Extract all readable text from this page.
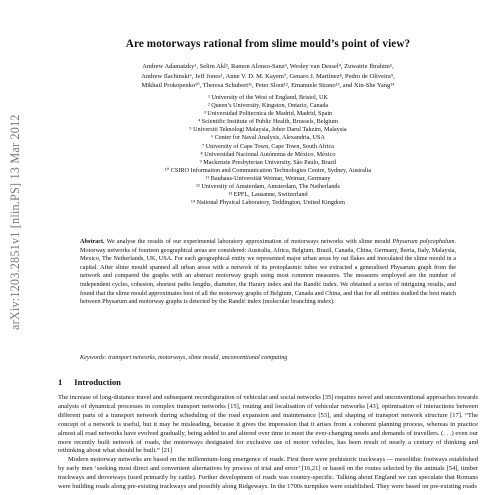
arXiv:1203.2851v1 [nlin.PS] 13 Mar 2012
Are motorways rational from slime mould’s point of view?
Andrew Adamatzky¹, Selim Akl², Ramon Alonso-Sanz³, Wesley van Dessel⁴, Zuwairie Ibrahim⁵,
Andrew Ilachinski⁶, Jeff Jones¹, Anne V. D. M. Kayem⁷, Genaro J. Martínez⁸, Pedro de Oliveira⁹,
Mikhail Prokopenko¹⁰, Theresa Schubert¹¹, Peter Sloot¹², Emanuele Strano¹³, and Xin-She Yang¹⁴
¹ University of the West of England, Bristol, UK
² Queen’s University, Kingston, Ontario, Canada
³ Universidad Politecnica de Madrid, Madrid, Spain
⁴ Scientific Institute of Public Health, Brussels, Belgium
⁵ Universiti Teknologi Malaysia, Johor Darul Takzim, Malaysia
⁶ Center for Naval Analysis, Alexandria, USA
⁷ University of Cape Town, Cape Town, South Africa
⁸ Universidad Nacional Autónoma de México, México
⁹ Mackenzie Presbyterian University, São Paulo, Brazil
¹⁰ CSIRO Information and Communication Technologies Centre, Sydney, Australia
¹¹ Bauhaus-Universität Weimar, Weimar, Germany
¹² University of Amsterdam, Amsterdam, The Netherlands
¹³ EPFL, Lausanne, Switzerland
¹⁴ National Physical Laboratory, Teddington, United Kingdom
Abstract. We analyse the results of our experimental laboratory approximation of motorways networks with slime mould Physarum polycephalum. Motorway networks of fourteen geographical areas are considered: Australia, Africa, Belgium, Brazil, Canada, China, Germany, Iberia, Italy, Malaysia, Mexico, The Netherlands, UK, USA. For each geographical entity we represented major urban areas by oat flakes and inoculated the slime mould in a capital. After slime mould spanned all urban areas with a network of its protoplasmic tubes we extracted a generalised Physarum graph from the network and compared the graphs with an abstract motorway graph using most common measures. The measures employed are the number of independent cycles, cohesion, shortest paths lengths, diameter, the Harary index and the Randić index. We obtained a series of intriguing results, and found that the slime mould approximates best of all the motorway graphs of Belgium, Canada and China, and that for all entities studied the best match between Physarum and motorway graphs is detected by the Randić index (molecular branching index).
Keywords: transport networks, motorways, slime mould, unconventional computing
1 Introduction

The increase of long-distance travel and subsequent reconfiguration of vehicular and social networks [35] requires novel and unconventional approaches towards analysis of dynamical processes in complex transport networks [15], routing and localisation of vehicular networks [43], optimisation of interactions between different parts of a transport network during scheduling of the road expansion and maintenance [53], and shaping of transport network structure [17]. “The concept of a network is useful, but it may be misleading, because it gives the impression that it arises from a coherent planning process, whereas in practice almost all road networks have evolved gradually, being added to and altered over time to meet the ever-changing needs and demands of travellers. (. . .) even our more recently built network of roads, the motorways designated for exclusive use of motor vehicles, has been result of nearly a century of thinking and rethinking about what should be built.” [21]

Modern motorway networks are based on the millennium-long emergence of roads. First there were prehistoric trackways — mesolithic footways established by early men ‘seeking most direct and convenient alternatives by process of trial and error’ [16,21] or based on the routes selected by the animals [54], timber trackways and droveways (used primarily by cattle). Further development of roads was country-specific. Talking about England we can speculate that Romans were building roads along pre-existing trackways and possibly along Ridgeways. In the 1700s turnpikes were established. They were based on pre-existing roads
